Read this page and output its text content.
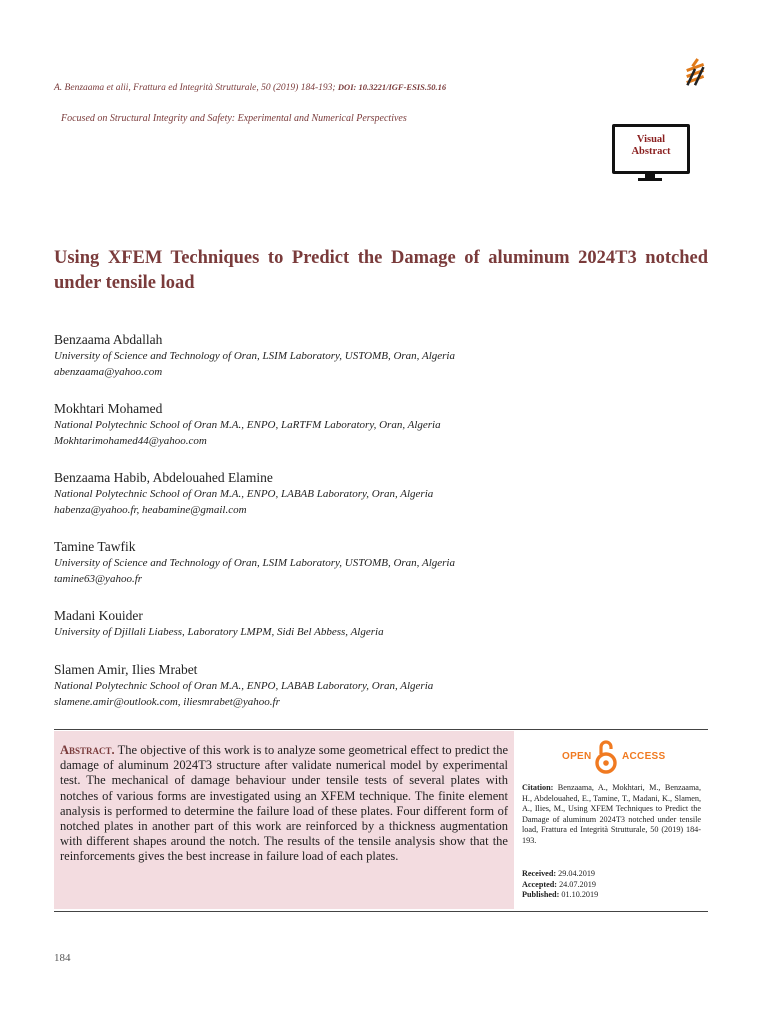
A. Benzaama et alii, Frattura ed Integrità Strutturale, 50 (2019) 184-193; DOI: 10.3221/IGF-ESIS.50.16
Focused on Structural Integrity and Safety: Experimental and Numerical Perspectives
Visual
Abstract
Using XFEM Techniques to Predict the Damage of aluminum 2024T3 notched under tensile load
Benzaama Abdallah
University of Science and Technology of Oran, LSIM Laboratory, USTOMB, Oran, Algeria
abenzaama@yahoo.com
Mokhtari Mohamed
National Polytechnic School of Oran M.A., ENPO, LaRTFM Laboratory, Oran, Algeria
Mokhtarimohamed44@yahoo.com
Benzaama Habib, Abdelouahed Elamine
National Polytechnic School of Oran M.A., ENPO, LABAB Laboratory, Oran, Algeria
habenza@yahoo.fr, heabamine@gmail.com
Tamine Tawfik
University of Science and Technology of Oran, LSIM Laboratory, USTOMB, Oran, Algeria
tamine63@yahoo.fr
Madani Kouider
University of Djillali Liabess, Laboratory LMPM, Sidi Bel Abbess, Algeria
Slamen Amir, Ilies Mrabet
National Polytechnic School of Oran M.A., ENPO, LABAB Laboratory, Oran, Algeria
slamene.amir@outlook.com, iliesmrabet@yahoo.fr
Abstract. The objective of this work is to analyze some geometrical effect to predict the damage of aluminum 2024T3 structure after validate numerical model by experimental test. The mechanical of damage behaviour under tensile tests of several plates with notches of various forms are investigated using an XFEM technique. The finite element analysis is performed to determine the failure load of these plates. Four different form of notched plates in another part of this work are reinforced by a thickness augmentation with different shapes around the notch. The results of the tensile analysis show that the reinforcements gives the best increase in failure load of each plates.
OPEN	ACCESS
Citation: Benzaama, A., Mokhtari, M., Benzaama, H., Abdelouahed, E., Tamine, T., Madani, K., Slamen, A., Ilies, M., Using XFEM Techniques to Predict the Damage of aluminum 2024T3 notched under tensile load, Frattura ed Integrità Strutturale, 50 (2019) 184-193.
Received: 29.04.2019
Accepted: 24.07.2019
Published: 01.10.2019
184
